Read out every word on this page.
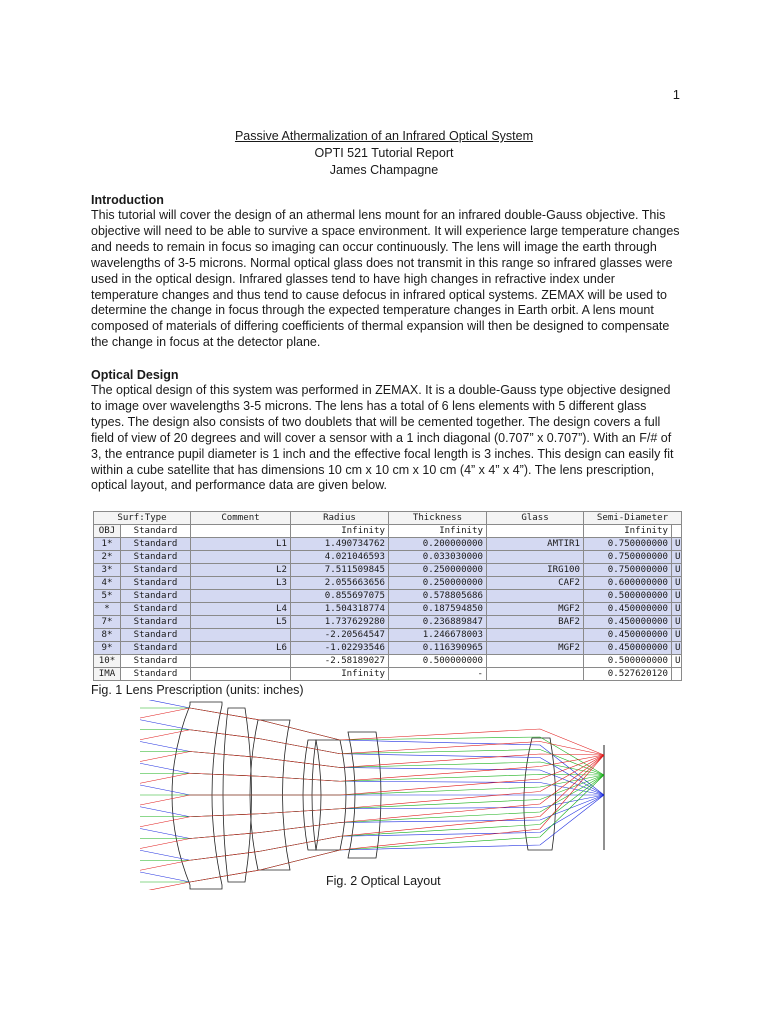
1
Passive Athermalization of an Infrared Optical System
OPTI 521 Tutorial Report
James Champagne
Introduction

This tutorial will cover the design of an athermal lens mount for an infrared double-Gauss objective. This objective will need to be able to survive a space environment. It will experience large temperature changes and needs to remain in focus so imaging can occur continuously. The lens will image the earth through wavelengths of 3-5 microns. Normal optical glass does not transmit in this range so infrared glasses were used in the optical design. Infrared glasses tend to have high changes in refractive index under temperature changes and thus tend to cause defocus in infrared optical systems. ZEMAX will be used to determine the change in focus through the expected temperature changes in Earth orbit. A lens mount composed of materials of differing coefficients of thermal expansion will then be designed to compensate the change in focus at the detector plane.

Optical Design

The optical design of this system was performed in ZEMAX. It is a double-Gauss type objective designed to image over wavelengths 3-5 microns. The lens has a total of 6 lens elements with 5 different glass types. The design also consists of two doublets that will be cemented together. The design covers a full field of view of 20 degrees and will cover a sensor with a 1 inch diagonal (0.707” x 0.707”). With an F/# of 3, the entrance pupil diameter is 1 inch and the effective focal length is 3 inches. This design can easily fit within a cube satellite that has dimensions 10 cm x 10 cm x 10 cm (4” x 4” x 4”). The lens prescription, optical layout, and performance data are given below.

Surf:Type		Comment	Radius	Thickness	Glass	Semi-Diameter	
OBJ	Standard		Infinity	Infinity		Infinity	
1*	Standard	L1	1.490734762	0.200000000	AMTIR1	0.750000000	U
2*	Standard		4.021046593	0.033030000		0.750000000	U
3*	Standard	L2	7.511509845	0.250000000	IRG100	0.750000000	U
4*	Standard	L3	2.055663656	0.250000000	CAF2	0.600000000	U
5*	Standard		0.855697075	0.578805686		0.500000000	U
*	Standard	L4	1.504318774	0.187594850	MGF2	0.450000000	U
7*	Standard	L5	1.737629280	0.236889847	BAF2	0.450000000	U
8*	Standard		-2.20564547	1.246678003		0.450000000	U
9*	Standard	L6	-1.02293546	0.116390965	MGF2	0.450000000	U
10*	Standard		-2.58189027	0.500000000		0.500000000	U
IMA	Standard		Infinity	-		0.527620120	
Fig. 1 Lens Prescription (units: inches)
Fig. 2 Optical Layout
